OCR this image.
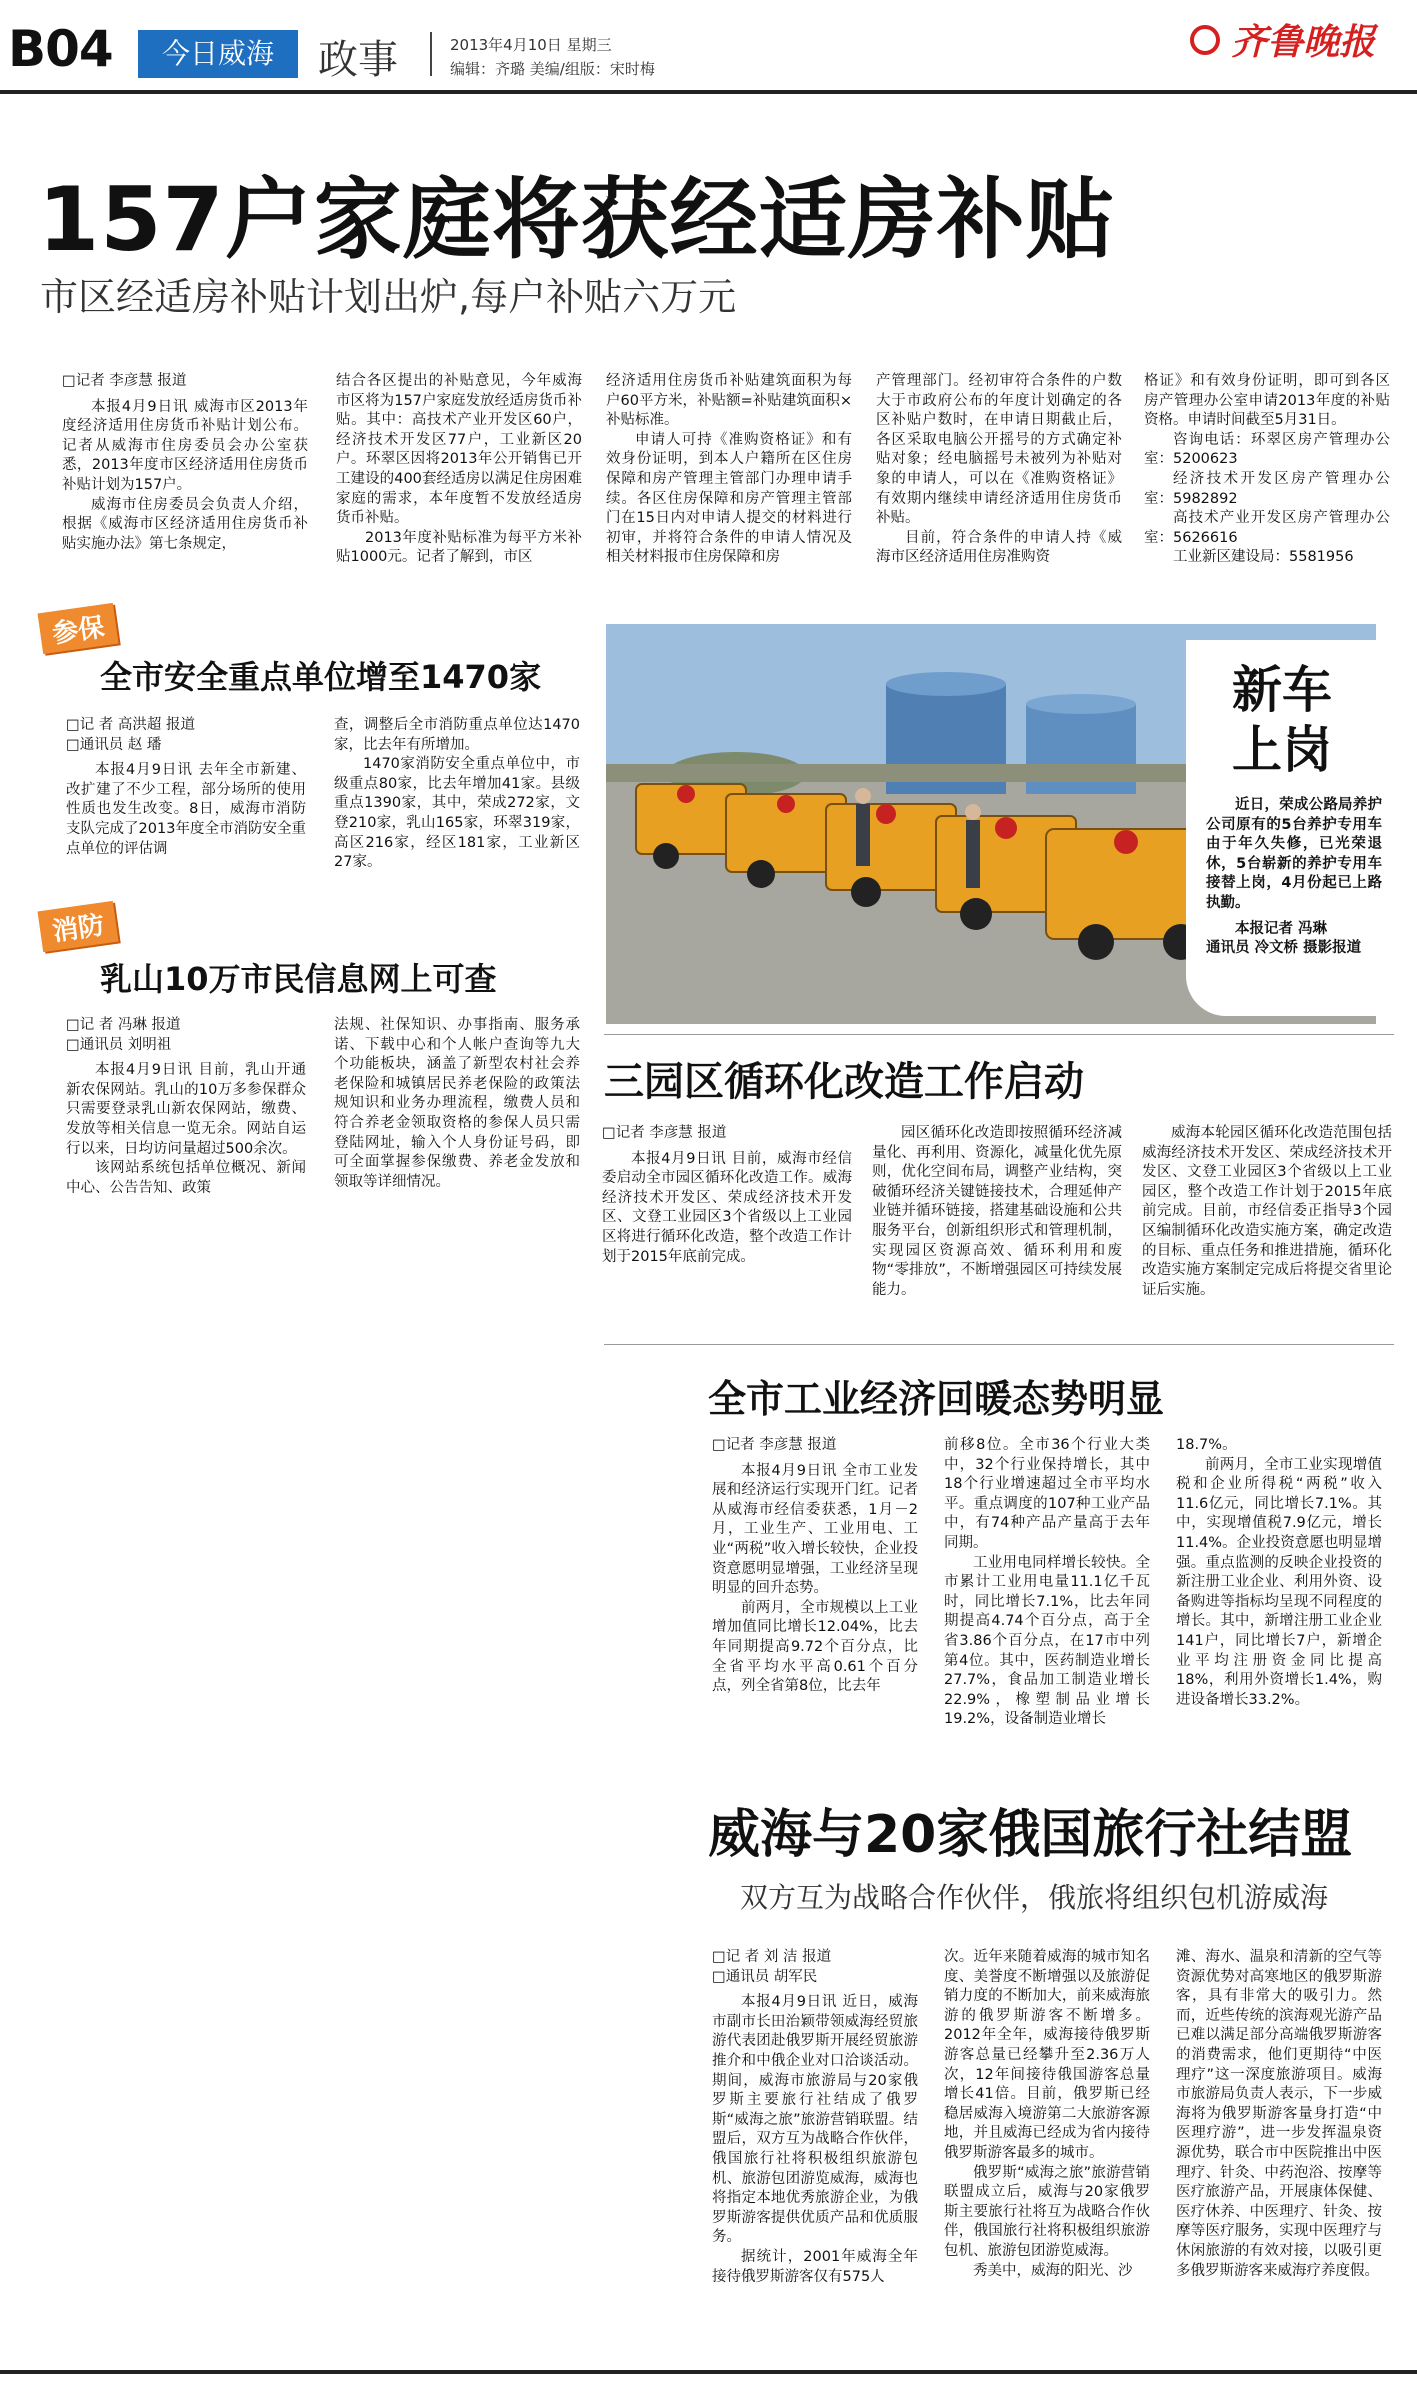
B04	今日威海	政事	2013年4月10日 星期三
编辑：齐璐 美编/组版：宋时梅
齐鲁晚报
157户家庭将获经适房补贴
市区经适房补贴计划出炉,每户补贴六万元

□记者 李彦慧 报道

本报4月9日讯 威海市区2013年度经济适用住房货币补贴计划公布。记者从威海市住房委员会办公室获悉，2013年度市区经济适用住房货币补贴计划为157户。

威海市住房委员会负责人介绍，根据《威海市区经济适用住房货币补贴实施办法》第七条规定，

结合各区提出的补贴意见，今年威海市区将为157户家庭发放经适房货币补贴。其中：高技术产业开发区60户，经济技术开发区77户，工业新区20户。环翠区因将2013年公开销售已开工建设的400套经适房以满足住房困难家庭的需求，本年度暂不发放经适房货币补贴。

2013年度补贴标准为每平方米补贴1000元。记者了解到，市区

经济适用住房货币补贴建筑面积为每户60平方米，补贴额=补贴建筑面积×补贴标准。

申请人可持《准购资格证》和有效身份证明，到本人户籍所在区住房保障和房产管理主管部门办理申请手续。各区住房保障和房产管理主管部门在15日内对申请人提交的材料进行初审，并将符合条件的申请人情况及相关材料报市住房保障和房

产管理部门。经初审符合条件的户数大于市政府公布的年度计划确定的各区补贴户数时，在申请日期截止后，各区采取电脑公开摇号的方式确定补贴对象；经电脑摇号未被列为补贴对象的申请人，可以在《准购资格证》有效期内继续申请经济适用住房货币补贴。

目前，符合条件的申请人持《威海市区经济适用住房准购资

格证》和有效身份证明，即可到各区房产管理办公室申请2013年度的补贴资格。申请时间截至5月31日。

咨询电话：环翠区房产管理办公室：5200623

经济技术开发区房产管理办公室：5982892

高技术产业开发区房产管理办公室：5626616

工业新区建设局：5581956

参保
全市安全重点单位增至1470家

□记 者 高洪超 报道

□通讯员 赵 璠

本报4月9日讯 去年全市新建、改扩建了不少工程，部分场所的使用性质也发生改变。8日，威海市消防支队完成了2013年度全市消防安全重点单位的评估调

查，调整后全市消防重点单位达1470家，比去年有所增加。

1470家消防安全重点单位中，市级重点80家，比去年增加41家。县级重点1390家，其中，荣成272家，文登210家，乳山165家，环翠319家，高区216家，经区181家，工业新区27家。

消防
乳山10万市民信息网上可查

□记 者 冯琳 报道

□通讯员 刘明祖

本报4月9日讯 目前，乳山开通新农保网站。乳山的10万多参保群众只需要登录乳山新农保网站，缴费、发放等相关信息一览无余。网站自运行以来，日均访问量超过500余次。

该网站系统包括单位概况、新闻中心、公告告知、政策

法规、社保知识、办事指南、服务承诺、下载中心和个人帐户查询等九大个功能板块，涵盖了新型农村社会养老保险和城镇居民养老保险的政策法规知识和业务办理流程，缴费人员和符合养老金领取资格的参保人员只需登陆网址，输入个人身份证号码，即可全面掌握参保缴费、养老金发放和领取等详细情况。

新车
上岗

近日，荣成公路局养护公司原有的5台养护专用车由于年久失修，已光荣退休，5台崭新的养护专用车接替上岗，4月份起已上路执勤。

本报记者 冯琳

通讯员 冷文桥 摄影报道

三园区循环化改造工作启动

□记者 李彦慧 报道

本报4月9日讯 目前，威海市经信委启动全市园区循环化改造工作。威海经济技术开发区、荣成经济技术开发区、文登工业园区3个省级以上工业园区将进行循环化改造，整个改造工作计划于2015年底前完成。

园区循环化改造即按照循环经济减量化、再利用、资源化，减量化优先原则，优化空间布局，调整产业结构，突破循环经济关键链接技术，合理延伸产业链并循环链接，搭建基础设施和公共服务平台，创新组织形式和管理机制，实现园区资源高效、循环利用和废物“零排放”，不断增强园区可持续发展能力。

威海本轮园区循环化改造范围包括威海经济技术开发区、荣成经济技术开发区、文登工业园区3个省级以上工业园区，整个改造工作计划于2015年底前完成。目前，市经信委正指导3个园区编制循环化改造实施方案，确定改造的目标、重点任务和推进措施，循环化改造实施方案制定完成后将提交省里论证后实施。

全市工业经济回暖态势明显

□记者 李彦慧 报道

本报4月9日讯 全市工业发展和经济运行实现开门红。记者从威海市经信委获悉，1月－2月，工业生产、工业用电、工业“两税”收入增长较快，企业投资意愿明显增强，工业经济呈现明显的回升态势。

前两月，全市规模以上工业增加值同比增长12.04%，比去年同期提高9.72个百分点，比全省平均水平高0.61个百分点，列全省第8位，比去年

前移8位。全市36个行业大类中，32个行业保持增长，其中18个行业增速超过全市平均水平。重点调度的107种工业产品中，有74种产品产量高于去年同期。

工业用电同样增长较快。全市累计工业用电量11.1亿千瓦时，同比增长7.1%，比去年同期提高4.74个百分点，高于全省3.86个百分点，在17市中列第4位。其中，医药制造业增长27.7%，食品加工制造业增长22.9%，橡塑制品业增长19.2%，设备制造业增长

18.7%。

前两月，全市工业实现增值税和企业所得税“两税”收入11.6亿元，同比增长7.1%。其中，实现增值税7.9亿元，增长11.4%。企业投资意愿也明显增强。重点监测的反映企业投资的新注册工业企业、利用外资、设备购进等指标均呈现不同程度的增长。其中，新增注册工业企业141户，同比增长7户，新增企业平均注册资金同比提高18%，利用外资增长1.4%，购进设备增长33.2%。

威海与20家俄国旅行社结盟
双方互为战略合作伙伴，俄旅将组织包机游威海

□记 者 刘 洁 报道

□通讯员 胡军民

本报4月9日讯 近日，威海市副市长田治颖带领威海经贸旅游代表团赴俄罗斯开展经贸旅游推介和中俄企业对口洽谈活动。期间，威海市旅游局与20家俄罗斯主要旅行社结成了俄罗斯“威海之旅”旅游营销联盟。结盟后，双方互为战略合作伙伴，俄国旅行社将积极组织旅游包机、旅游包团游览威海，威海也将指定本地优秀旅游企业，为俄罗斯游客提供优质产品和优质服务。

据统计，2001年威海全年接待俄罗斯游客仅有575人

次。近年来随着威海的城市知名度、美誉度不断增强以及旅游促销力度的不断加大，前来威海旅游的俄罗斯游客不断增多。2012年全年，威海接待俄罗斯游客总量已经攀升至2.36万人次，12年间接待俄国游客总量增长41倍。目前，俄罗斯已经稳居威海入境游第二大旅游客源地，并且威海已经成为省内接待俄罗斯游客最多的城市。

俄罗斯“威海之旅”旅游营销联盟成立后，威海与20家俄罗斯主要旅行社将互为战略合作伙伴，俄国旅行社将积极组织旅游包机、旅游包团游览威海。

秀美中，威海的阳光、沙

滩、海水、温泉和清新的空气等资源优势对高寒地区的俄罗斯游客，具有非常大的吸引力。然而，近些传统的滨海观光游产品已难以满足部分高端俄罗斯游客的消费需求，他们更期待“中医理疗”这一深度旅游项目。威海市旅游局负责人表示，下一步威海将为俄罗斯游客量身打造“中医理疗游”，进一步发挥温泉资源优势，联合市中医院推出中医理疗、针灸、中药泡浴、按摩等医疗旅游产品，开展康体保健、医疗休养、中医理疗、针灸、按摩等医疗服务，实现中医理疗与休闲旅游的有效对接，以吸引更多俄罗斯游客来威海疗养度假。
